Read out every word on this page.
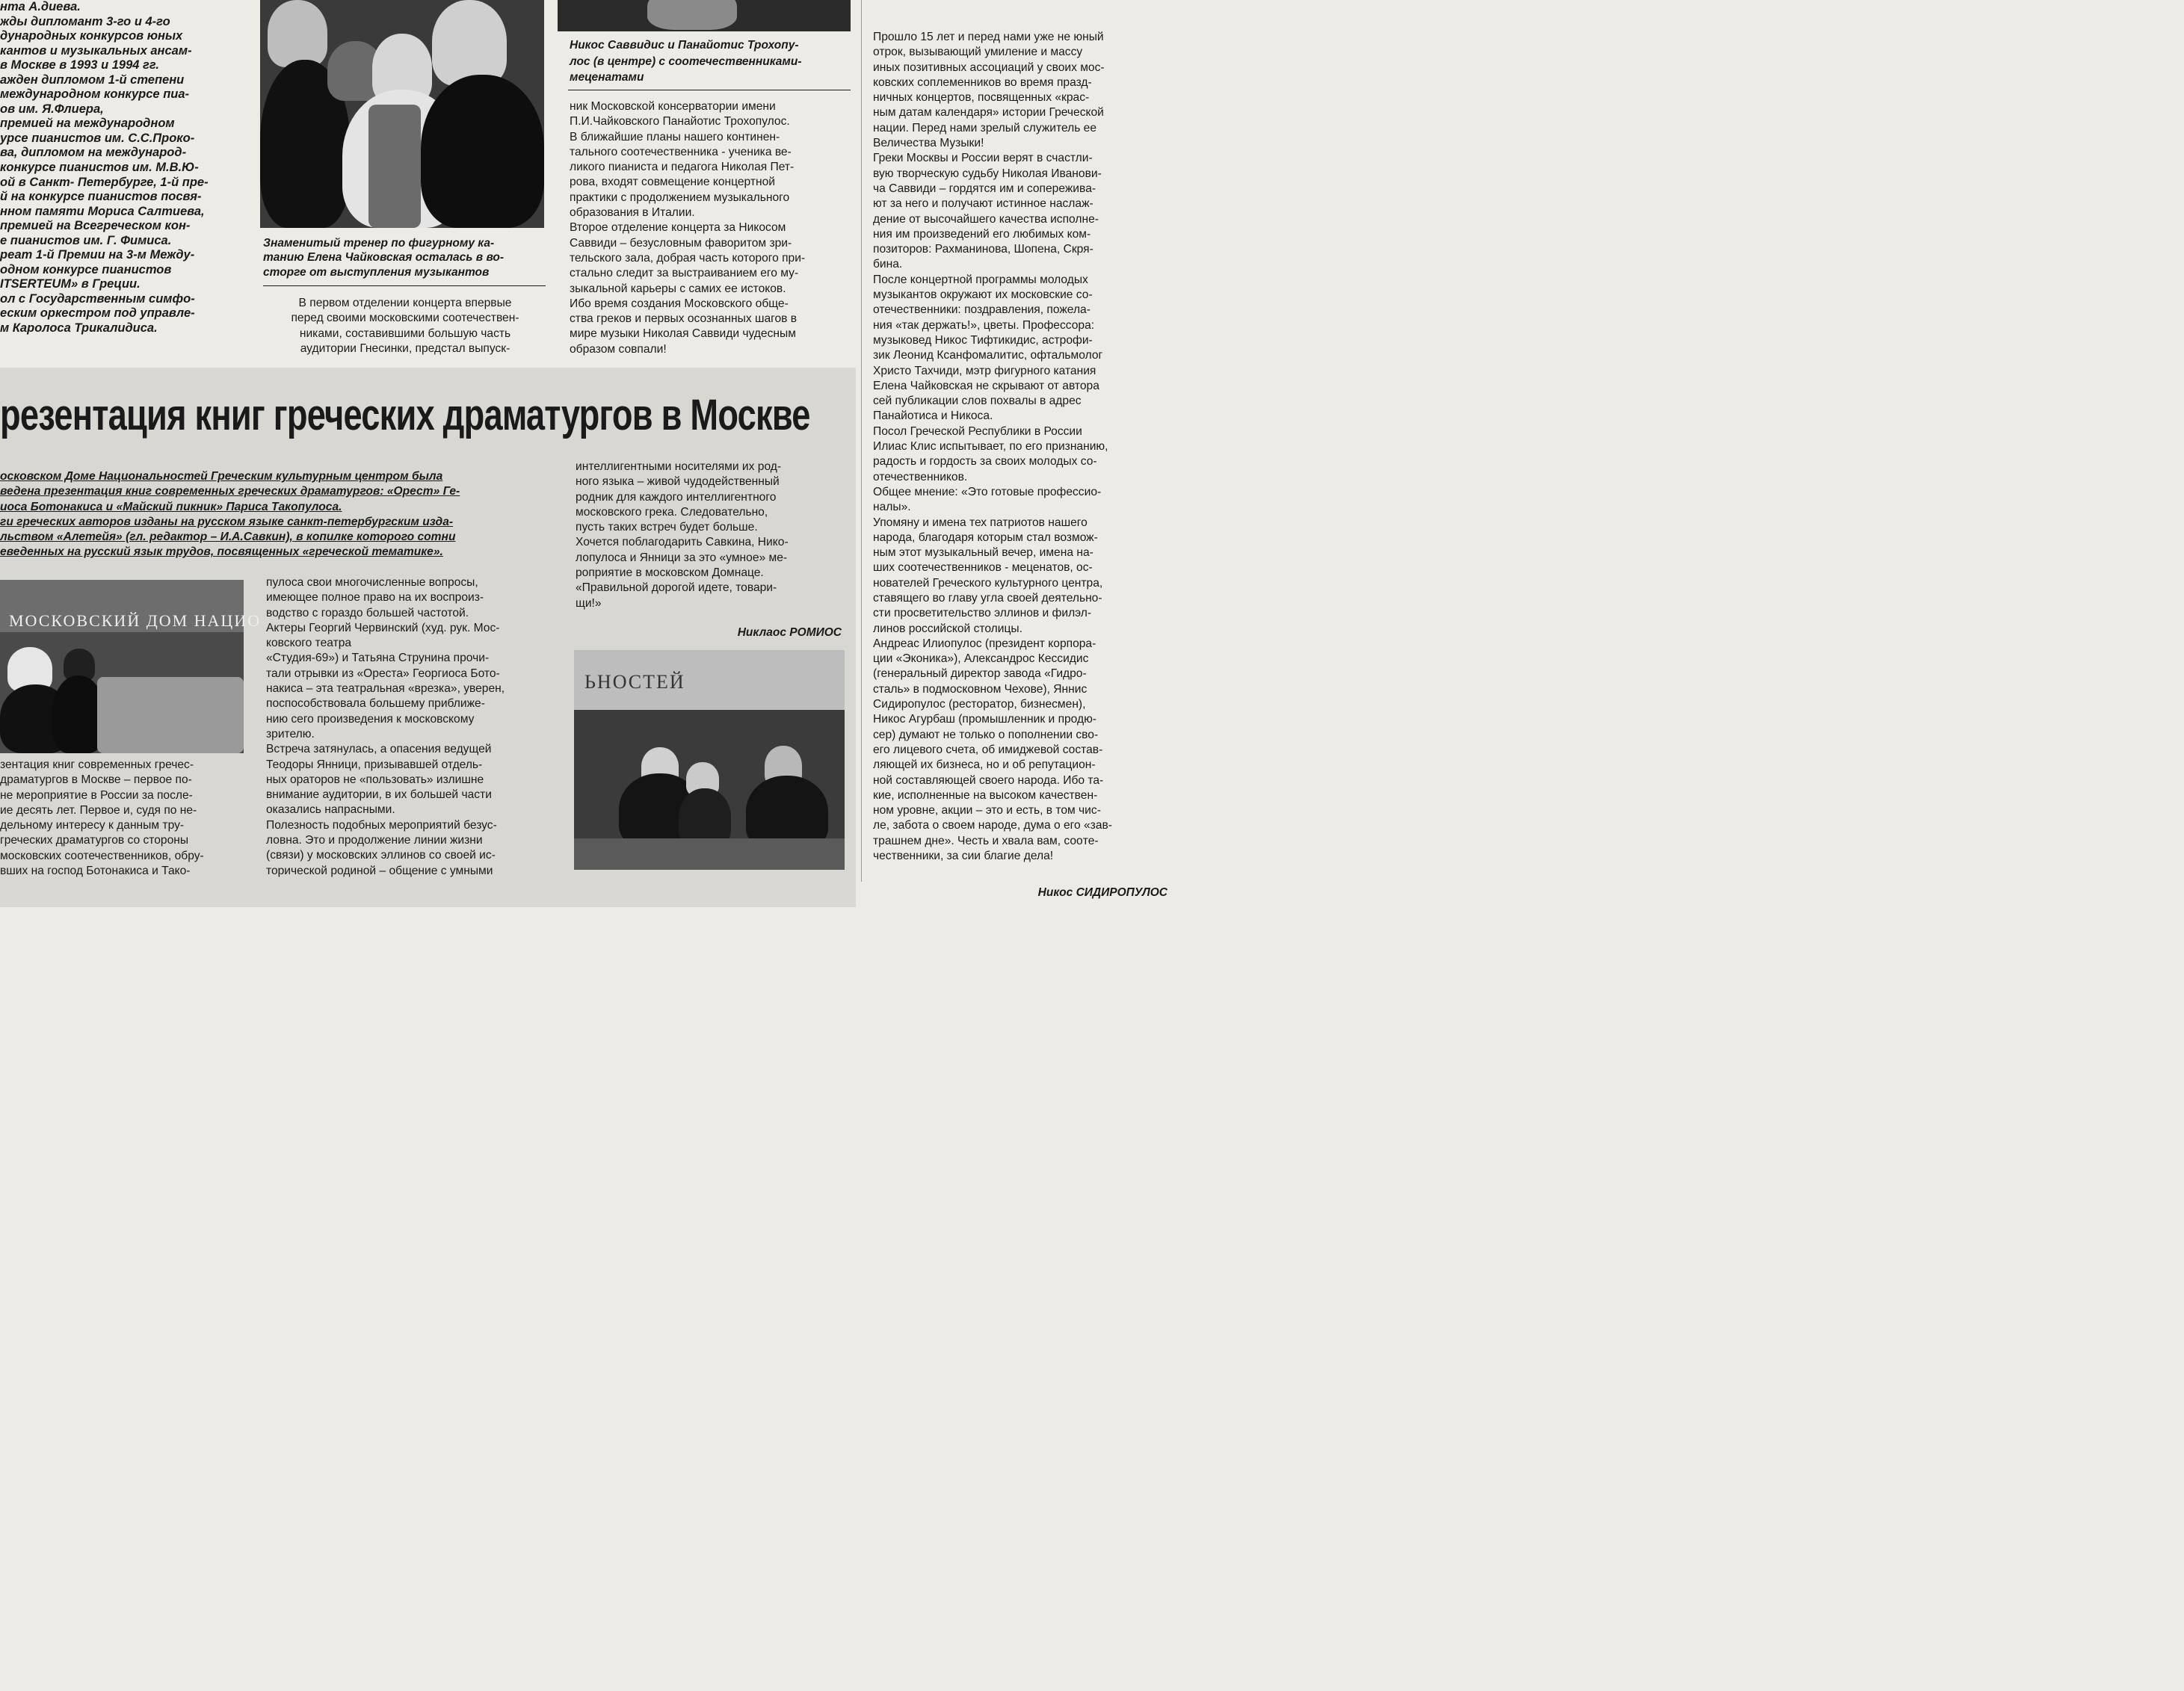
нта А.диева.
жды дипломант 3-го и 4-го
дународных конкурсов юных
кантов и музыкальных ансам-
в Москве в 1993 и 1994 гг.
ажден дипломом 1-й степени
международном конкурсе пиа-
ов им. Я.Флиера,
премией на международном
урсе пианистов им. С.С.Проко-
ва, дипломом на международ-
конкурсе пианистов им. М.В.Ю-
ой в Санкт- Петербурге, 1-й пре-
й на конкурсе пианистов посвя-
нном памяти Мориса Салтиева,
премией на Всегреческом кон-
е пианистов им. Г. Фимиса.
реат 1-й Премии на 3-м Между-
одном конкурсе пианистов
ITSERTEUM» в Греции.
ол с Государственным симфо-
еским оркестром под управле-
м Каролоса Трикалидиса.
Знаменитый тренер по фигурному ка-
танию Елена Чайковская осталась в во-
сторге от выступления музыкантов
Никос Саввидис и Панайотис Трохопу-
лос (в центре) с соотечественниками-
меценатами
В первом отделении концерта впервые
перед своими московскими соотечествен-
никами, составившими большую часть
аудитории Гнесинки, предстал выпуск-
ник Московской консерватории имени
П.И.Чайковского Панайотис Трохопулос.
В ближайшие планы нашего континен-
тального соотечественника - ученика ве-
ликого пианиста и педагога Николая Пет-
рова, входят совмещение концертной
практики с продолжением музыкального
образования в Италии.
Второе отделение концерта за Никосом
Саввиди – безусловным фаворитом зри-
тельского зала, добрая часть которого при-
стально следит за выстраиванием его му-
зыкальной карьеры с самих ее истоков.
Ибо время создания Московского обще-
ства греков и первых осознанных шагов в
мире музыки Николая Саввиди чудесным
образом совпали!
Прошло 15 лет и перед нами уже не юный
отрок, вызывающий умиление и массу
иных позитивных ассоциаций у своих мос-
ковских соплеменников во время празд-
ничных концертов, посвященных «крас-
ным датам календаря» истории Греческой
нации. Перед нами зрелый служитель ее
Величества Музыки!
Греки Москвы и России верят в счастли-
вую творческую судьбу Николая Иванови-
ча Саввиди – гордятся им и сопереживa-
ют за него и получают истинное наслаж-
дение от высочайшего качества исполне-
ния им произведений его любимых ком-
позиторов: Рахманинова, Шопена, Скря-
бина.
После концертной программы молодых
музыкантов окружают их московские со-
отечественники: поздравления, пожела-
ния «так держать!», цветы. Профессора:
музыковед Никос Тифтикидис, астрофи-
зик Леонид Ксанфомалитис, офтальмолог
Христо Тахчиди, мэтр фигурного катания
Елена Чайковская не скрывают от автора
сей публикации слов похвалы в адрес
Панайотиса и Никоса.
Посол Греческой Республики в России
Илиас Клис испытывает, по его признанию,
радость и гордость за своих молодых со-
отечественников.
Общее мнение: «Это готовые профессио-
налы».
Упомяну и имена тех патриотов нашего
народа, благодаря которым стал возмож-
ным этот музыкальный вечер, имена на-
ших соотечественников - меценатов, ос-
нователей Греческого культурного центра,
ставящего во главу угла своей деятельно-
сти просветительство эллинов и филэл-
линов российской столицы.
Андреас Илиопулос (президент корпора-
ции «Эконика»), Александрос Кессидис
(генеральный директор завода «Гидро-
сталь» в подмосковном Чехове), Яннис
Сидиропулос (ресторатор, бизнесмен),
Никос Агурбаш (промышленник и продю-
сер) думают не только о пополнении сво-
его лицевого счета, об имиджевой состав-
ляющей их бизнеса, но и об репутацион-
ной составляющей своего народа. Ибо та-
кие, исполненные на высоком качествен-
ном уровне, акции – это и есть, в том чис-
ле, забота о своем народе, дума о его «зав-
трашнем дне». Честь и хвала вам, соοте-
чественники, за сии благие дела!
Никос СИДИРОПУЛОС
резентация книг греческих драматургов в Москве
осковском Доме Национальностей Греческим культурным центром была
ведена презентация книг современных греческих драматургов: «Орест» Ге-
иоса Ботонакиса и «Майский пикник» Париса Такопулоса.
ги греческих авторов изданы на русском языке санкт-петербургским изда-
льством «Алетейя» (гл. редактор – И.А.Савкин), в копилке которого сотни
еведенных на русский язык трудов, посвященных «греческой тематике».
МОСКОВСКИЙ ДОМ НАЦИО
ЬНОСТЕЙ
зентация книг современных гречес-
драматургов в Москве – первое по-
не мероприятие в России за после-
ие десять лет. Первое и, судя по не-
дельному интересу к данным тру-
греческих драматургов со стороны
московских соотечественников, обру-
вших на господ Ботонакиса и Тако-
пулоса свои многочисленные вопросы,
имеющее полное право на их воспроиз-
водство с гораздо большей частотой.
Актеры Георгий Червинский (худ. рук. Мос-
ковского театра
«Студия-69») и Татьяна Струнина прочи-
тали отрывки из «Ореста» Георгиоса Бото-
накиса – эта театральная «врезка», уверен,
поспособствовала большему приближе-
нию сего произведения к московскому
зрителю.
Встреча затянулась, а опасения ведущей
Теодоры Янници, призывавшей отдель-
ных ораторов не «пользовать» излишне
внимание аудитории, в их большей части
оказались напрасными.
Полезность подобных мероприятий безус-
ловна. Это и продолжение линии жизни
(связи) у московских эллинов со своей ис-
торической родиной – общение с умными
интеллигентными носителями их род-
ного языка – живой чудодейственный
родник для каждого интеллигентного
московского грека. Следовательно,
пусть таких встреч будет больше.
Хочется поблагодарить Савкина, Нико-
лопулоса и Янници за это «умное» ме-
роприятие в московском Домнаце.
«Правильной дорогой идете, товари-
щи!»
Никлаос РОМИОС
